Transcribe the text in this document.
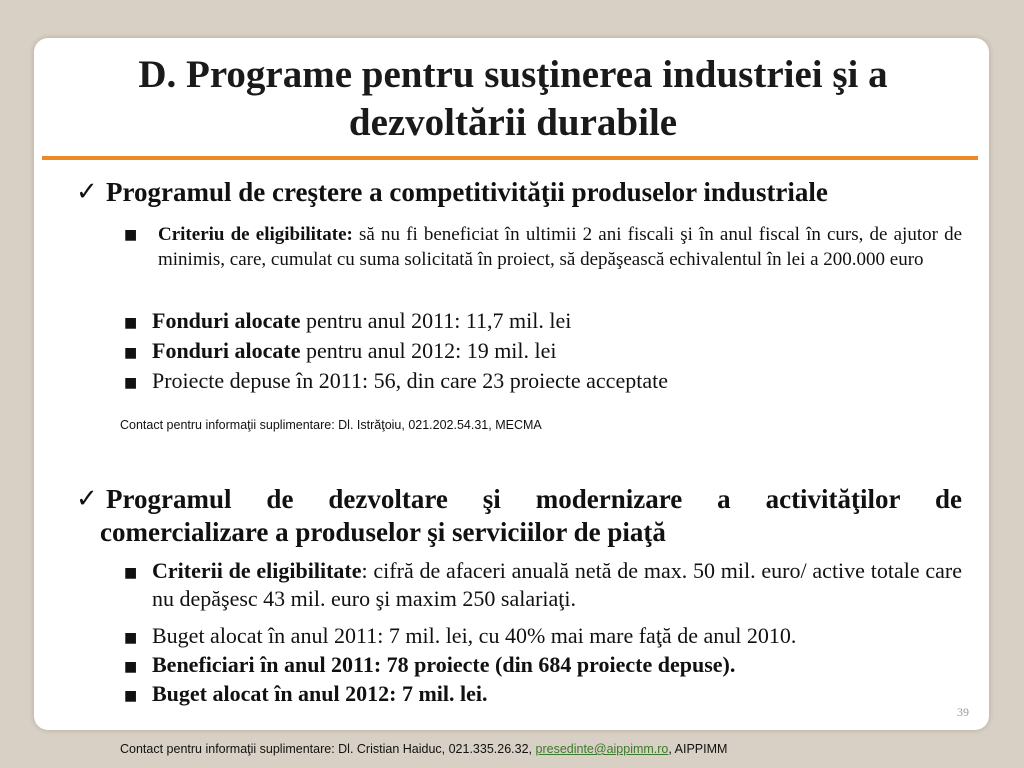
D. Programe pentru susţinerea industriei şi a
dezvoltării durabile
✓ Programul de creştere a competitivităţii produselor industriale
■ Criteriu de eligibilitate: să nu fi beneficiat în ultimii 2 ani fiscali şi în anul fiscal în curs, de ajutor de minimis, care, cumulat cu suma solicitată în proiect, să depăşească echivalentul în lei a 200.000 euro
■ Fonduri alocate pentru anul 2011: 11,7 mil. lei
■ Fonduri alocate pentru anul 2012: 19 mil. lei
■ Proiecte depuse în 2011: 56, din care 23 proiecte acceptate
Contact pentru informaţii suplimentare: Dl. Istrăţoiu, 021.202.54.31, MECMA
✓ Programul de dezvoltare şi modernizare a activităţilor de
comercializare a produselor şi serviciilor de piaţă
■ Criterii de eligibilitate: cifră de afaceri anuală netă de max. 50 mil. euro/ active totale care nu depăşesc 43 mil. euro şi maxim 250 salariaţi.
■ Buget alocat în anul 2011: 7 mil. lei, cu 40% mai mare faţă de anul 2010.
■ Beneficiari în anul 2011: 78 proiecte (din 684 proiecte depuse).
■ Buget alocat în anul 2012: 7 mil. lei.
39
Contact pentru informaţii suplimentare: Dl. Cristian Haiduc, 021.335.26.32, presedinte@aippimm.ro, AIPPIMM
